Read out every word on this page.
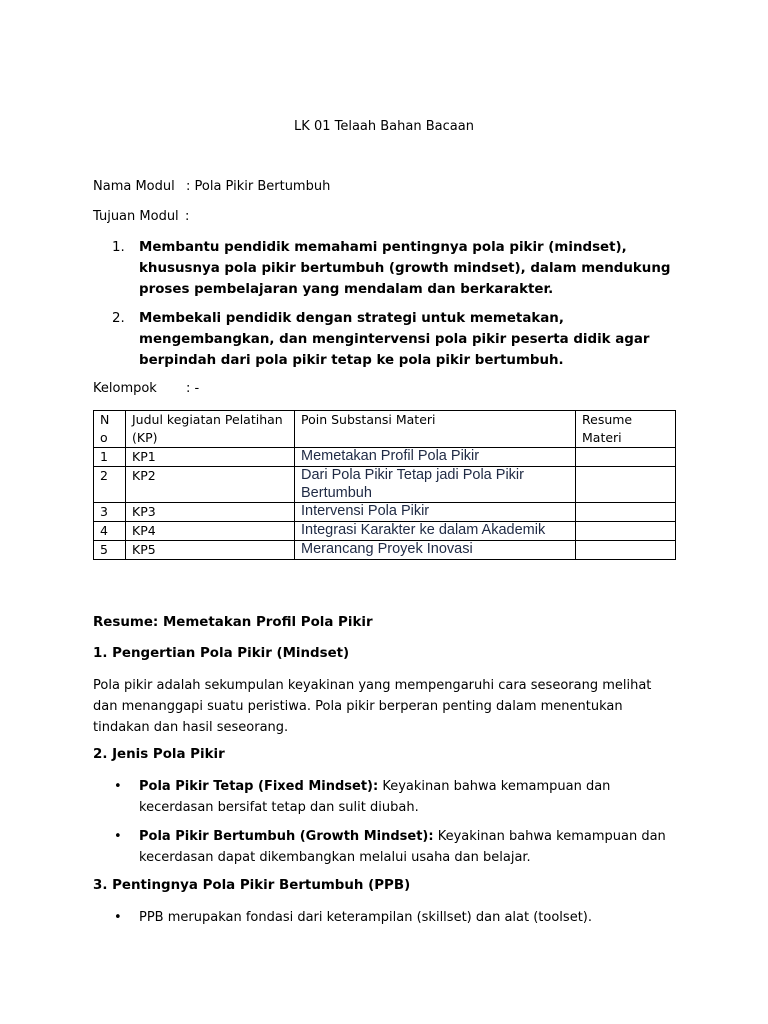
LK 01 Telaah Bahan Bacaan

Nama Modul : Pola Pikir Bertumbuh
Tujuan Modul :
1. Membantu pendidik memahami pentingnya pola pikir (mindset), khususnya pola pikir bertumbuh (growth mindset), dalam mendukung proses pembelajaran yang mendalam dan berkarakter.
2. Membekali pendidik dengan strategi untuk memetakan, mengembangkan, dan mengintervensi pola pikir peserta didik agar berpindah dari pola pikir tetap ke pola pikir bertumbuh.
Kelompok : -
N o	Judul kegiatan Pelatihan (KP)	Poin Substansi Materi	Resume Materi
1	KP1	Memetakan Profil Pola Pikir	
2	KP2	Dari Pola Pikir Tetap jadi Pola Pikir Bertumbuh	
3	KP3	Intervensi Pola Pikir	
4	KP4	Integrasi Karakter ke dalam Akademik	
5	KP5	Merancang Proyek Inovasi	

Resume: Memetakan Profil Pola Pikir

1. Pengertian Pola Pikir (Mindset)

Pola pikir adalah sekumpulan keyakinan yang mempengaruhi cara seseorang melihat dan menanggapi suatu peristiwa. Pola pikir berperan penting dalam menentukan tindakan dan hasil seseorang.

2. Jenis Pola Pikir

• Pola Pikir Tetap (Fixed Mindset): Keyakinan bahwa kemampuan dan kecerdasan bersifat tetap dan sulit diubah.
• Pola Pikir Bertumbuh (Growth Mindset): Keyakinan bahwa kemampuan dan kecerdasan dapat dikembangkan melalui usaha dan belajar.

3. Pentingnya Pola Pikir Bertumbuh (PPB)

• PPB merupakan fondasi dari keterampilan (skillset) dan alat (toolset).
